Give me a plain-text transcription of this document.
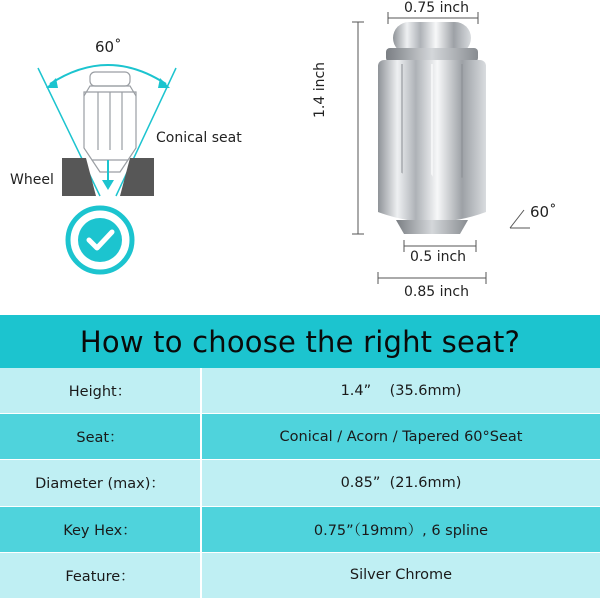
60˚
Conical seat
Wheel
0.75 inch
1.4 inch
0.5 inch
0.85 inch
60˚
How to choose the right seat?
Height：	1.4”    (35.6mm)
Seat：	Conical / Acorn / Tapered 60°Seat
Diameter (max)：	0.85”  (21.6mm)
Key Hex：	0.75”（19mm）, 6 spline
Feature：	Silver Chrome
